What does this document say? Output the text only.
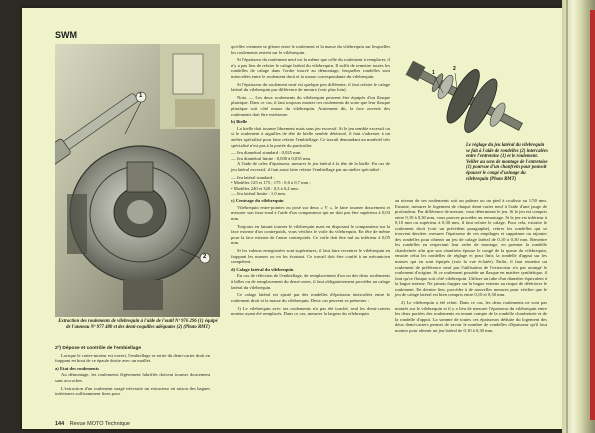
SWM
1
2
Extraction des roulements de vilebrequin à l'aide de l'outil Nº 976 296 (1) équipé de l'anneau Nº 977 480 et des demi-coquilles adéquates (2) (Photo RMT)
1
2
Le réglage du jeu latéral du vilebrequin se fait à l'aide de rondelles (2) intercalées entre l'entretoise (1) et le roulement. Veiller au sens de montage de l'entretoise (1) pourvue d'un chanfrein pour pouvoir épouser le congé d'usinage du vilebrequin (Photo RMT)
2º) Dépose et contrôle de l'embiellage

Lorsque le carter-moteur est ouvert, l'embiellage se retire du demi-carter droit en frappant en bout de ce épaule droite avec un maillet.

a) Etat des roulements

Au démontage, les roulements légèrement lubrifiés doivent tourner doucement sans accrocher.

L'extraction d'un roulement usagé nécessite un extracteur en raison des bagues intérieures suffisamment fines pour

qu'elles viennent se glisser entre le roulement et la masse du vilebrequin sur lesquelles les roulements restent sur le vilebrequin.

Si l'épaisseur du roulement neuf est la même que celle du roulement à remplacer, il n'y a pas lieu de refaire le calage latéral du vilebrequin. Il suffit de remettre toutes les rondelles de calage dans l'ordre trouvé au démontage, lesquelles rondelles sont intercalées entre le roulement droit et la masse correspondante du vilebrequin.

Si l'épaisseur du roulement neuf est quelque peu différente, il faut refaire le calage latéral du vilebrequin par différence de mesure (voir plus loin).

Nota. — Les deux roulements du vilebrequin peuvent être équipés d'un flasque plastique. Dans ce cas, il faut toujours monter ces roulements de sorte que leur flasque plastique soit côté masse du vilebrequin. Autrement dit, la face ouverte des roulements doit être extérieure.

b) Bielle

La bielle doit tourner librement mais sans jeu excessif. Si le jeu semble excessif ou si le roulement à aiguilles de tête de bielle semble détérioré, il faut s'adresser à un atelier spécialisé pour faire refaire l'embiellage. Ce travail demandant un matériel très spécialisé n'est pas à la portée du particulier.

— Jeu diamétral standard : 0,025 mm.

— Jeu diamétral limite : 0,030 à 0,035 mm.

A l'aide de cales d'épaisseur, mesurer le jeu latéral à la tête de la bielle. En cas de jeu latéral excessif, il faut aussi faire refaire l'embiellage par un atelier spécialisé :

— Jeu latéral standard :

• Modèles 125 et 175 ; 175 : 0,6 à 0,7 mm ;

• Modèles 240 et 320 : 0,3 à 0,4 mm.

— Jeu latéral limite : 1,0 mm.

c) Centrage du vilebrequin

Vilebrequin entre-pointes ou posé sur deux « V », le faire tourner doucement et mesurer son faux-rond à l'aide d'un comparateur qui ne doit pas être supérieur à 0,03 mm.

Toujours en faisant tourner le vilebrequin mais en disposant le comparateur sur la face externe d'un contrepoids, vous vérifiez le voile du vilebrequin. En tête de même pour la face externe de l'autre contrepoids. Ce voile doit être nul ou inférieur à 0,05 mm.

Si les valeurs enregistrées sont supérieures, il faut faire recentrer le vilebrequin en frappant les masses ou en les écartant. Ce travail doit être confié à un mécanicien compétent.

d) Calage latéral du vilebrequin

En cas de réfection de l'embiellage, de remplacement d'un ou des deux roulements à billes ou de remplacement du demi-carter, il faut obligatoirement procéder au calage latéral du vilebrequin.

Ce calage latéral est ajusté par des rondelles d'épaisseur intercalées entre le roulement droit et la masse du vilebrequin. Deux cas peuvent se présenter :

1) Le vilebrequin avec ses roulements n'a pas été touché, seul les demi-carters moteur ayant été remplacés. Dans ce cas, mesurer la largeur du vilebrequin

au niveau de ses roulements soit un palmer ou un pied à coulisse au 1/50 mm. Ensuite, mesurer le logement de chaque demi-carter neuf à l'aide d'une jauge de profondeur. Par différence de mesure, vous déterminez le jeu. Si le jeu est compris entre 0,10 à 0,30 mm, vous pouvez procéder au remontage. Si le jeu est inférieur à 0,10 mm ou supérieur à 0,30 mm, il faut refaire le calage. Pour cela, extraire le roulement droit (voir un précédent paragraphe), retirer les rondelles qui se trouvent derrière, mesurer l'épaisseur de ces empilages et supprimer ou rajouter des rondelles pour obtenir un jeu de calage latéral de 0,10 à 0,30 mm. Remettre les rondelles en respectant leur ordre de montage, en premier la rondelle chanfreinée afin que son chanfrein épouse le congé de la queue du vilebrequin, ensuite celui les rondelles de réglage et pour finir, la rondelle d'appui sur les masses qui en sont équipés (voir la vue éclatée). Enfin, il faut remettre un roulement de préférence neuf par l'utilisation de l'extracteur n'a pas arrangé le roulement d'origine. Si ce roulement possède un flasque en matière synthétique, il faut qu'ce flasque soit côté vilebrequin. Utiliser un tube d'un diamètre équivalent à la bague interne. Ne jamais frapper sur la bague externe au risque de détériorer le roulement. En dernier lieu, procéder à de nouvelles mesures pour vérifier que le jeu de calage latéral est bien compris entre 0,10 et 0,30 mm.

2) Le vilebrequin a été refait. Dans ce cas, les deux roulements ne sont pas montés sur le vilebrequin et il y a lieu de mesurer l'épaisseur du vilebrequin entre les deux portées des roulements en tenant compte de la rondelle chanfreinée et de la rondelle d'appui. La somme de toutes ces épaisseurs déduite du logement des deux demi-carters permet de savoir le nombre de rondelles d'épaisseur qu'il faut monter pour obtenir un jeu latéral de 0,10 à 0,30 mm.

144 Revue MOTO Technique
